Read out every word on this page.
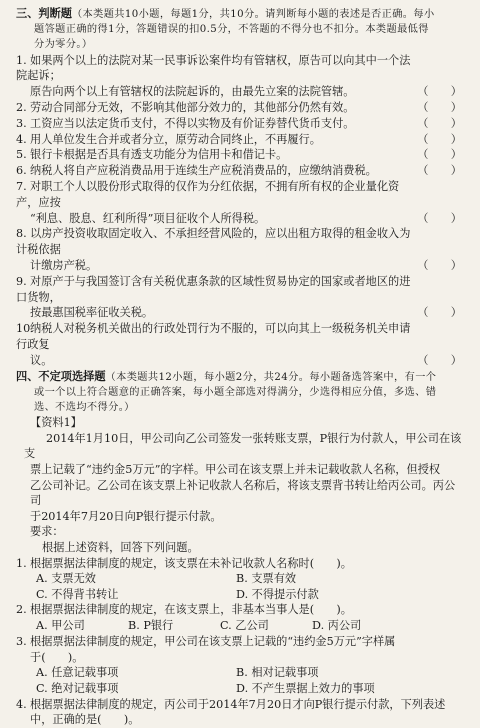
三、判断题（本类题共10小题，每题1分，共10分。请判断每小题的表述是否正确。每小
题答题正确的得1分，答题错误的扣0.5分，不答题的不得分也不扣分。本类题最低得
分为零分。）
1. 如果两个以上的法院对某一民事诉讼案件均有管辖权，原告可以向其中一个法院起诉；
原告向两个以上有管辖权的法院起诉的，由最先立案的法院管辖。	（　　）
2. 劳动合同部分无效，不影响其他部分效力的，其他部分仍然有效。	（　　）
3. 工资应当以法定货币支付，不得以实物及有价证券替代货币支付。	（　　）
4. 用人单位发生合并或者分立，原劳动合同终止，不再履行。	（　　）
5. 银行卡根据是否具有透支功能分为信用卡和借记卡。	（　　）
6. 纳税人将自产应税消费品用于连续生产应税消费品的，应缴纳消费税。	（　　）
7. 对职工个人以股份形式取得的仅作为分红依据，不拥有所有权的企业量化资产，应按
“利息、股息、红利所得”项目征收个人所得税。	（　　）
8. 以房产投资收取固定收入、不承担经营风险的，应以出租方取得的租金收入为计税依据
计缴房产税。	（　　）
9. 对原产于与我国签订含有关税优惠条款的区域性贸易协定的国家或者地区的进口货物，
按最惠国税率征收关税。	（　　）
10.纳税人对税务机关做出的行政处罚行为不服的，可以向其上一级税务机关申请行政复
议。	（　　）
四、不定项选择题（本类题共12小题，每小题2分，共24分。每小题备选答案中，有一个
或一个以上符合题意的正确答案，每小题全部选对得满分，少选得相应分值，多选、错
选、不选均不得分。）
【资料1】
2014年1月10日，甲公司向乙公司签发一张转账支票，P银行为付款人，甲公司在该支
票上记载了“违约金5万元”的字样。甲公司在该支票上并未记载收款人名称，但授权
乙公司补记。乙公司在该支票上补记收款人名称后，将该支票背书转让给丙公司。丙公司
于2014年7月20日向P银行提示付款。
要求：
根据上述资料，回答下列问题。
1. 根据票据法律制度的规定，该支票在未补记收款人名称时(　　)。
A. 支票无效	B. 支票有效
C. 不得背书转让	D. 不得提示付款
2. 根据票据法律制度的规定，在该支票上，非基本当事人是(　　)。
A. 甲公司	B. P银行	C. 乙公司	D. 丙公司
3. 根据票据法律制度的规定，甲公司在该支票上记载的“违约金5万元”字样属
于(　　)。
A. 任意记载事项	B. 相对记载事项
C. 绝对记载事项	D. 不产生票据上效力的事项
4. 根据票据法律制度的规定，丙公司于2014年7月20日才向P银行提示付款，下列表述
中，正确的是(　　)。
